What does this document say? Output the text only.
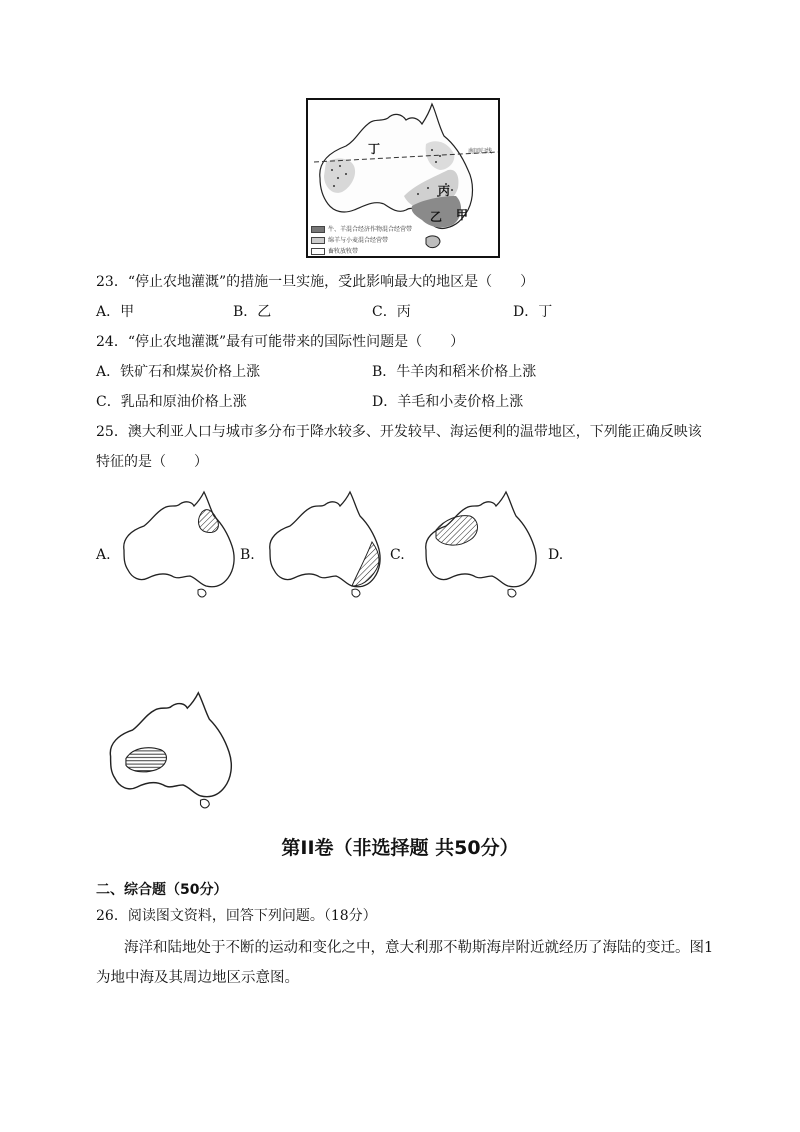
南回归线
丁
丙
乙 甲
牛、羊混合经济作物混合经营带
绵羊与小麦混合经营带
畜牧放牧带
23．“停止农地灌溉”的措施一旦实施，受此影响最大的地区是（　　）
A．甲	B．乙	C．丙	D．丁
24．“停止农地灌溉”最有可能带来的国际性问题是（　　）
A．铁矿石和煤炭价格上涨	B．牛羊肉和稻米价格上涨
C．乳品和原油价格上涨	D．羊毛和小麦价格上涨
25．澳大利亚人口与城市多分布于降水较多、开发较早、海运便利的温带地区，下列能正确反映该
特征的是（　　）
A.	B.	C.	D.
第II卷（非选择题 共50分）
二、综合题（50分）
26．阅读图文资料，回答下列问题。（18分）
海洋和陆地处于不断的运动和变化之中，意大利那不勒斯海岸附近就经历了海陆的变迁。图1
为地中海及其周边地区示意图。
